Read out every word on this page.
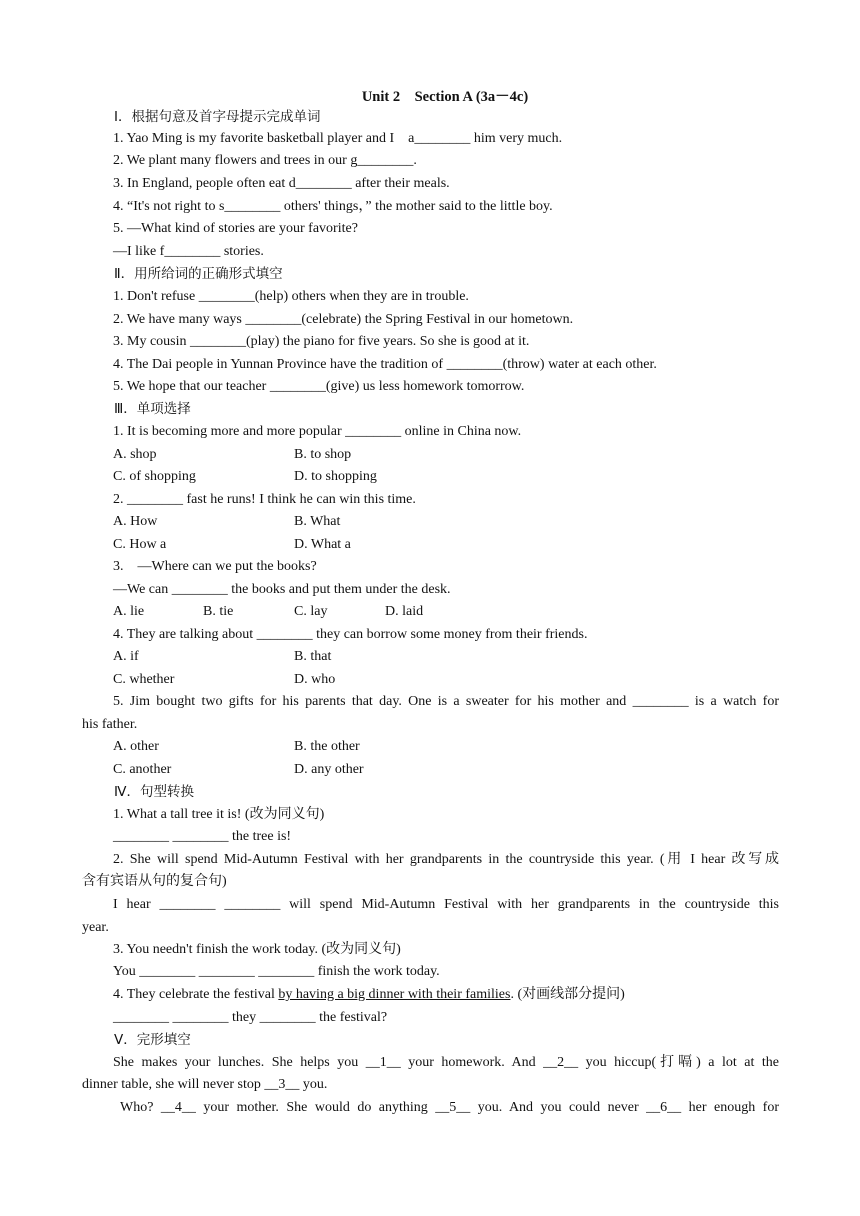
Unit 2　Section A (3a－4c)
Ⅰ．根据句意及首字母提示完成单词
1. Yao Ming is my favorite basketball player and I　a________ him very much.
2. We plant many flowers and trees in our g________.
3. In England, people often eat d________ after their meals.
4. “It's not right to s________ others' things，” the mother said to the little boy.
5. —What kind of stories are your favorite?
—I like f________ stories.
Ⅱ．用所给词的正确形式填空
1. Don't refuse ________(help) others when they are in trouble.
2. We have many ways ________(celebrate) the Spring Festival in our hometown.
3. My cousin ________(play) the piano for five years. So she is good at it.
4. The Dai people in Yunnan Province have the tradition of ________(throw) water at each other.
5. We hope that our teacher ________(give) us less homework tomorrow.
Ⅲ．单项选择
1. It is becoming more and more popular ________ online in China now.
A. shop	B. to shop
C. of shopping	D. to shopping
2. ________ fast he runs! I think he can win this time.
A. How	B. What
C. How a	D. What a
3.　—Where can we put the books?
—We can ________ the books and put them under the desk.
A. lie	B. tie	C. lay	D. laid
4. They are talking about ________ they can borrow some money from their friends.
A. if	B. that
C. whether	D. who
5. Jim bought two gifts for his parents that day. One is a sweater for his mother and ________ is a watch for
his father.
A. other	B. the other
C. another	D. any other
Ⅳ．句型转换
1. What a tall tree it is! (改为同义句)
________ ________ the tree is!
2. She will spend Mid‑Autumn Festival with her grandparents in the countryside this year. (用 I hear 改写成
含有宾语从句的复合句)
I hear ________ ________ will spend Mid‑Autumn Festival with her grandparents in the countryside this
year.
3. You needn't finish the work today. (改为同义句)
You ________ ________ ________ finish the work today.
4. They celebrate the festival by having a big dinner with their families. (对画线部分提问)
________ ________ they ________ the festival?
Ⅴ．完形填空
She makes your lunches. She helps you __1__ your homework. And __2__ you hiccup(打嗝) a lot at the
dinner table, she will never stop __3__ you.
Who? __4__ your mother. She would do anything __5__ you. And you could never __6__ her enough for
